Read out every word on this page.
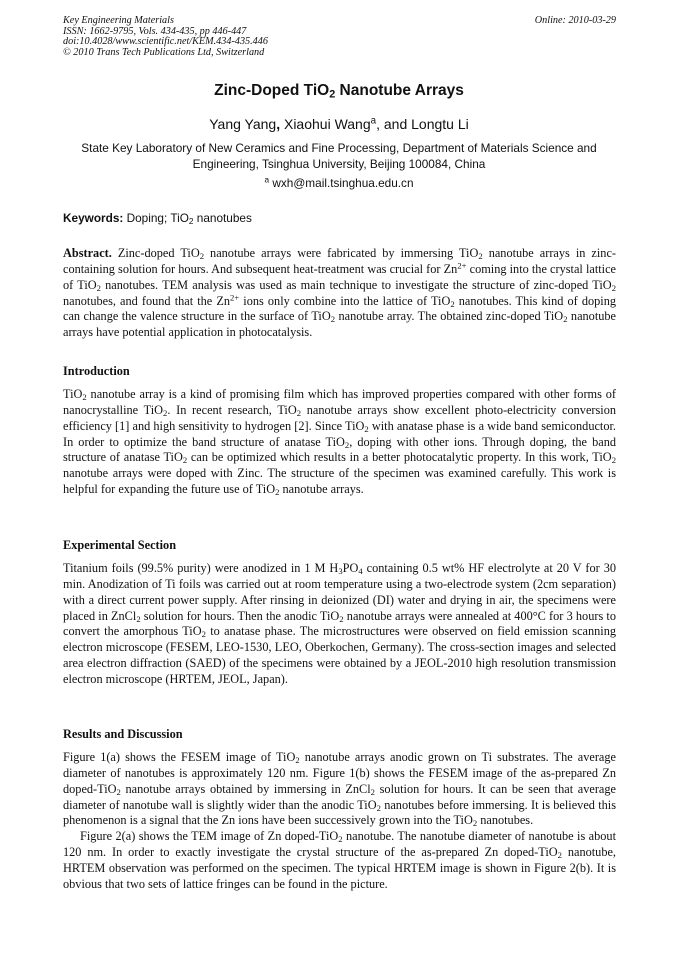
Key Engineering Materials
ISSN: 1662-9795, Vols. 434-435, pp 446-447
doi:10.4028/www.scientific.net/KEM.434-435.446
© 2010 Trans Tech Publications Ltd, Switzerland
Online: 2010-03-29
Zinc-Doped TiO$_2$ Nanotube Arrays
Yang Yang, Xiaohui Wang$^a$, and Longtu Li
State Key Laboratory of New Ceramics and Fine Processing, Department of Materials Science and Engineering, Tsinghua University, Beijing 100084, China
$^a$ wxh@mail.tsinghua.edu.cn
Keywords: Doping; TiO$_2$ nanotubes

Abstract. Zinc-doped TiO$_2$ nanotube arrays were fabricated by immersing TiO$_2$ nanotube arrays in zinc-containing solution for hours. And subsequent heat-treatment was crucial for $Zn^{2+}$ coming into the crystal lattice of TiO$_2$ nanotubes. TEM analysis was used as main technique to investigate the structure of zinc-doped TiO$_2$ nanotubes, and found that the $Zn^{2+}$ ions only combine into the lattice of TiO$_2$ nanotubes. This kind of doping can change the valence structure in the surface of TiO$_2$ nanotube array. The obtained zinc-doped TiO$_2$ nanotube arrays have potential application in photocatalysis.

Introduction

TiO$_2$ nanotube array is a kind of promising film which has improved properties compared with other forms of nanocrystalline TiO$_2$. In recent research, TiO$_2$ nanotube arrays show excellent photo-electricity conversion efficiency [1] and high sensitivity to hydrogen [2]. Since TiO$_2$ with anatase phase is a wide band semiconductor. In order to optimize the band structure of anatase TiO$_2$, doping with other ions. Through doping, the band structure of anatase TiO$_2$ can be optimized which results in a better photocatalytic property. In this work, TiO$_2$ nanotube arrays were doped with Zinc. The structure of the specimen was examined carefully. This work is helpful for expanding the future use of TiO$_2$ nanotube arrays.

Experimental Section

Titanium foils (99.5% purity) were anodized in 1 M $H_3PO_4$ containing 0.5 wt% HF electrolyte at 20 V for 30 min. Anodization of Ti foils was carried out at room temperature using a two-electrode system (2cm separation) with a direct current power supply. After rinsing in deionized (DI) water and drying in air, the specimens were placed in ZnCl$_2$ solution for hours. Then the anodic TiO$_2$ nanotube arrays were annealed at 400°C for 3 hours to convert the amorphous TiO$_2$ to anatase phase. The microstructures were observed on field emission scanning electron microscope (FESEM, LEO-1530, LEO, Oberkochen, Germany). The cross-section images and selected area electron diffraction (SAED) of the specimens were obtained by a JEOL-2010 high resolution transmission electron microscope (HRTEM, JEOL, Japan).

Results and Discussion

Figure 1(a) shows the FESEM image of TiO$_2$ nanotube arrays anodic grown on Ti substrates. The average diameter of nanotubes is approximately 120 nm. Figure 1(b) shows the FESEM image of the as-prepared Zn doped-TiO$_2$ nanotube arrays obtained by immersing in ZnCl$_2$ solution for hours. It can be seen that average diameter of nanotube wall is slightly wider than the anodic TiO$_2$ nanotubes before immersing. It is believed this phenomenon is a signal that the Zn ions have been successively grown into the TiO$_2$ nanotubes.

Figure 2(a) shows the TEM image of Zn doped-TiO$_2$ nanotube. The nanotube diameter of nanotube is about 120 nm. In order to exactly investigate the crystal structure of the as-prepared Zn doped-TiO$_2$ nanotube, HRTEM observation was performed on the specimen. The typical HRTEM image is shown in Figure 2(b). It is obvious that two sets of lattice fringes can be found in the picture.
